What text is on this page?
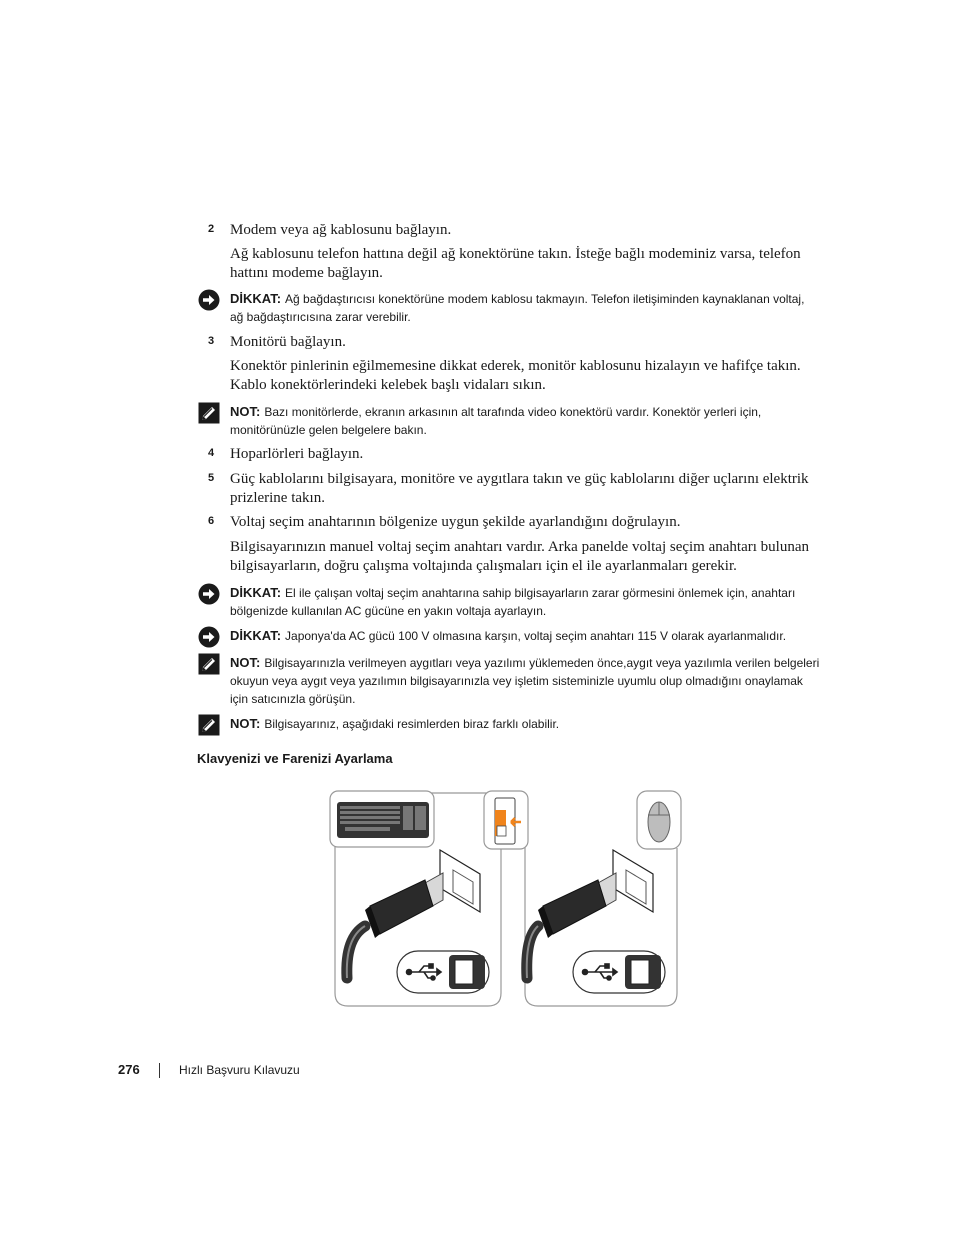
2 Modem veya ağ kablosunu bağlayın.
Ağ kablosunu telefon hattına değil ağ konektörüne takın. İsteğe bağlı modeminiz varsa, telefon hattını modeme bağlayın.
DİKKAT: Ağ bağdaştırıcısı konektörüne modem kablosu takmayın. Telefon iletişiminden kaynaklanan voltaj, ağ bağdaştırıcısına zarar verebilir.
3 Monitörü bağlayın.
Konektör pinlerinin eğilmemesine dikkat ederek, monitör kablosunu hizalayın ve hafifçe takın. Kablo konektörlerindeki kelebek başlı vidaları sıkın.
NOT: Bazı monitörlerde, ekranın arkasının alt tarafında video konektörü vardır. Konektör yerleri için, monitörünüzle gelen belgelere bakın.
4 Hoparlörleri bağlayın.
5 Güç kablolarını bilgisayara, monitöre ve aygıtlara takın ve güç kablolarını diğer uçlarını elektrik prizlerine takın.
6 Voltaj seçim anahtarının bölgenize uygun şekilde ayarlandığını doğrulayın.
Bilgisayarınızın manuel voltaj seçim anahtarı vardır. Arka panelde voltaj seçim anahtarı bulunan bilgisayarların, doğru çalışma voltajında çalışmaları için el ile ayarlanmaları gerekir.
DİKKAT: El ile çalışan voltaj seçim anahtarına sahip bilgisayarların zarar görmesini önlemek için, anahtarı bölgenizde kullanılan AC gücüne en yakın voltaja ayarlayın.
DİKKAT: Japonya'da AC gücü 100 V olmasına karşın, voltaj seçim anahtarı 115 V olarak ayarlanmalıdır.
NOT: Bilgisayarınızla verilmeyen aygıtları veya yazılımı yüklemeden önce,aygıt veya yazılımla verilen belgeleri okuyun veya aygıt veya yazılımın bilgisayarınızla vey işletim sisteminizle uyumlu olup olmadığını onaylamak için satıcınızla görüşün.
NOT: Bilgisayarınız, aşağıdaki resimlerden biraz farklı olabilir.
Klavyenizi ve Farenizi Ayarlama
276	Hızlı Başvuru Kılavuzu
